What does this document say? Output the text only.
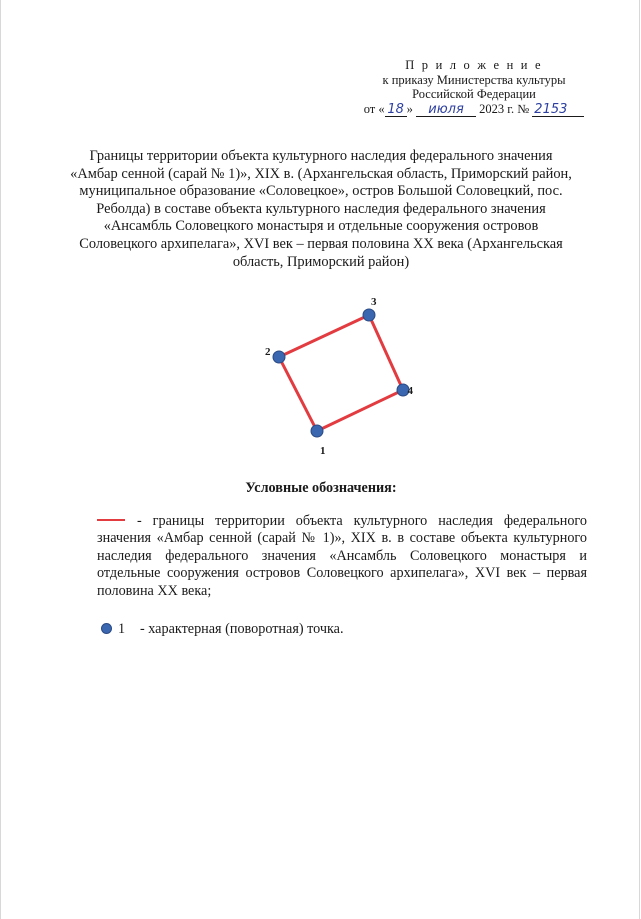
П р и л о ж е н и е
к приказу Министерства культуры
Российской Федерации
от « 18 » июля 2023 г. № 2153
Границы территории объекта культурного наследия федерального значения «Амбар сенной (сарай № 1)», XIX в. (Архангельская область, Приморский район, муниципальное образование «Соловецкое», остров Большой Соловецкий, пос. Реболда) в составе объекта культурного наследия федерального значения «Ансамбль Соловецкого монастыря и отдельные сооружения островов Соловецкого архипелага», XVI век – первая половина XX века (Архангельская область, Приморский район)
1
2
3
4
Условные обозначения:
- границы территории объекта культурного наследия федерального значения «Амбар сенной (сарай № 1)», XIX в. в составе объекта культурного наследия федерального значения «Ансамбль Соловецкого монастыря и отдельные сооружения островов Соловецкого архипелага», XVI век – первая половина XX века;
1 - характерная (поворотная) точка.
